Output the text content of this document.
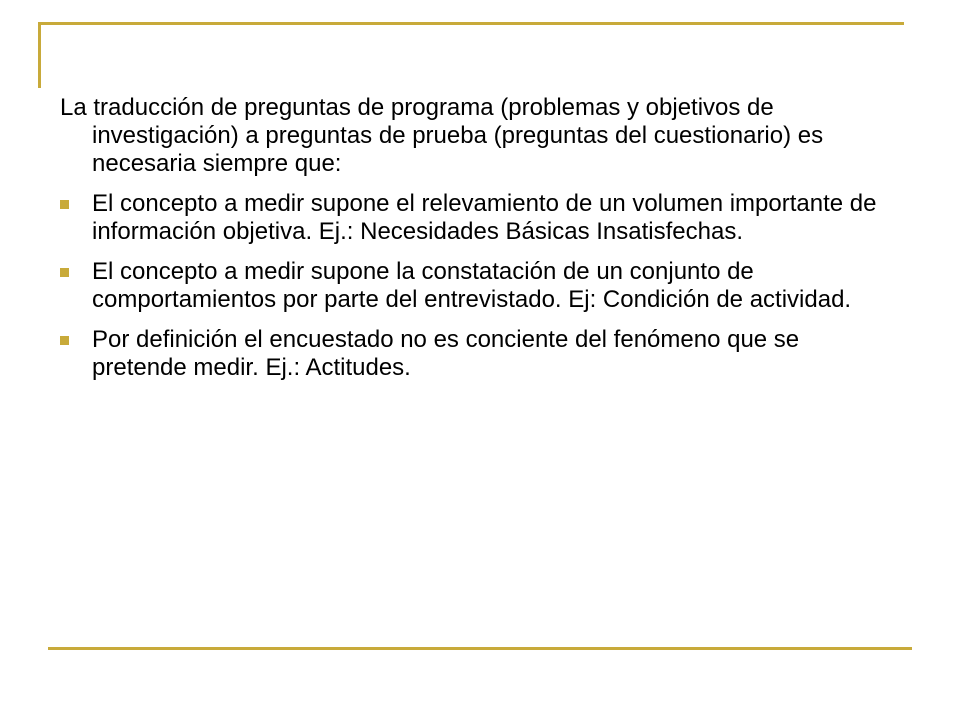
La traducción de preguntas de programa (problemas y objetivos de investigación) a preguntas de prueba (preguntas del cuestionario) es necesaria siempre que:

El concepto a medir supone el relevamiento de un volumen importante de información objetiva. Ej.: Necesidades Básicas Insatisfechas.
El concepto a medir supone la constatación de un conjunto de comportamientos por parte del entrevistado. Ej: Condición de actividad.
Por definición el encuestado no es conciente del fenómeno que se pretende medir. Ej.: Actitudes.
